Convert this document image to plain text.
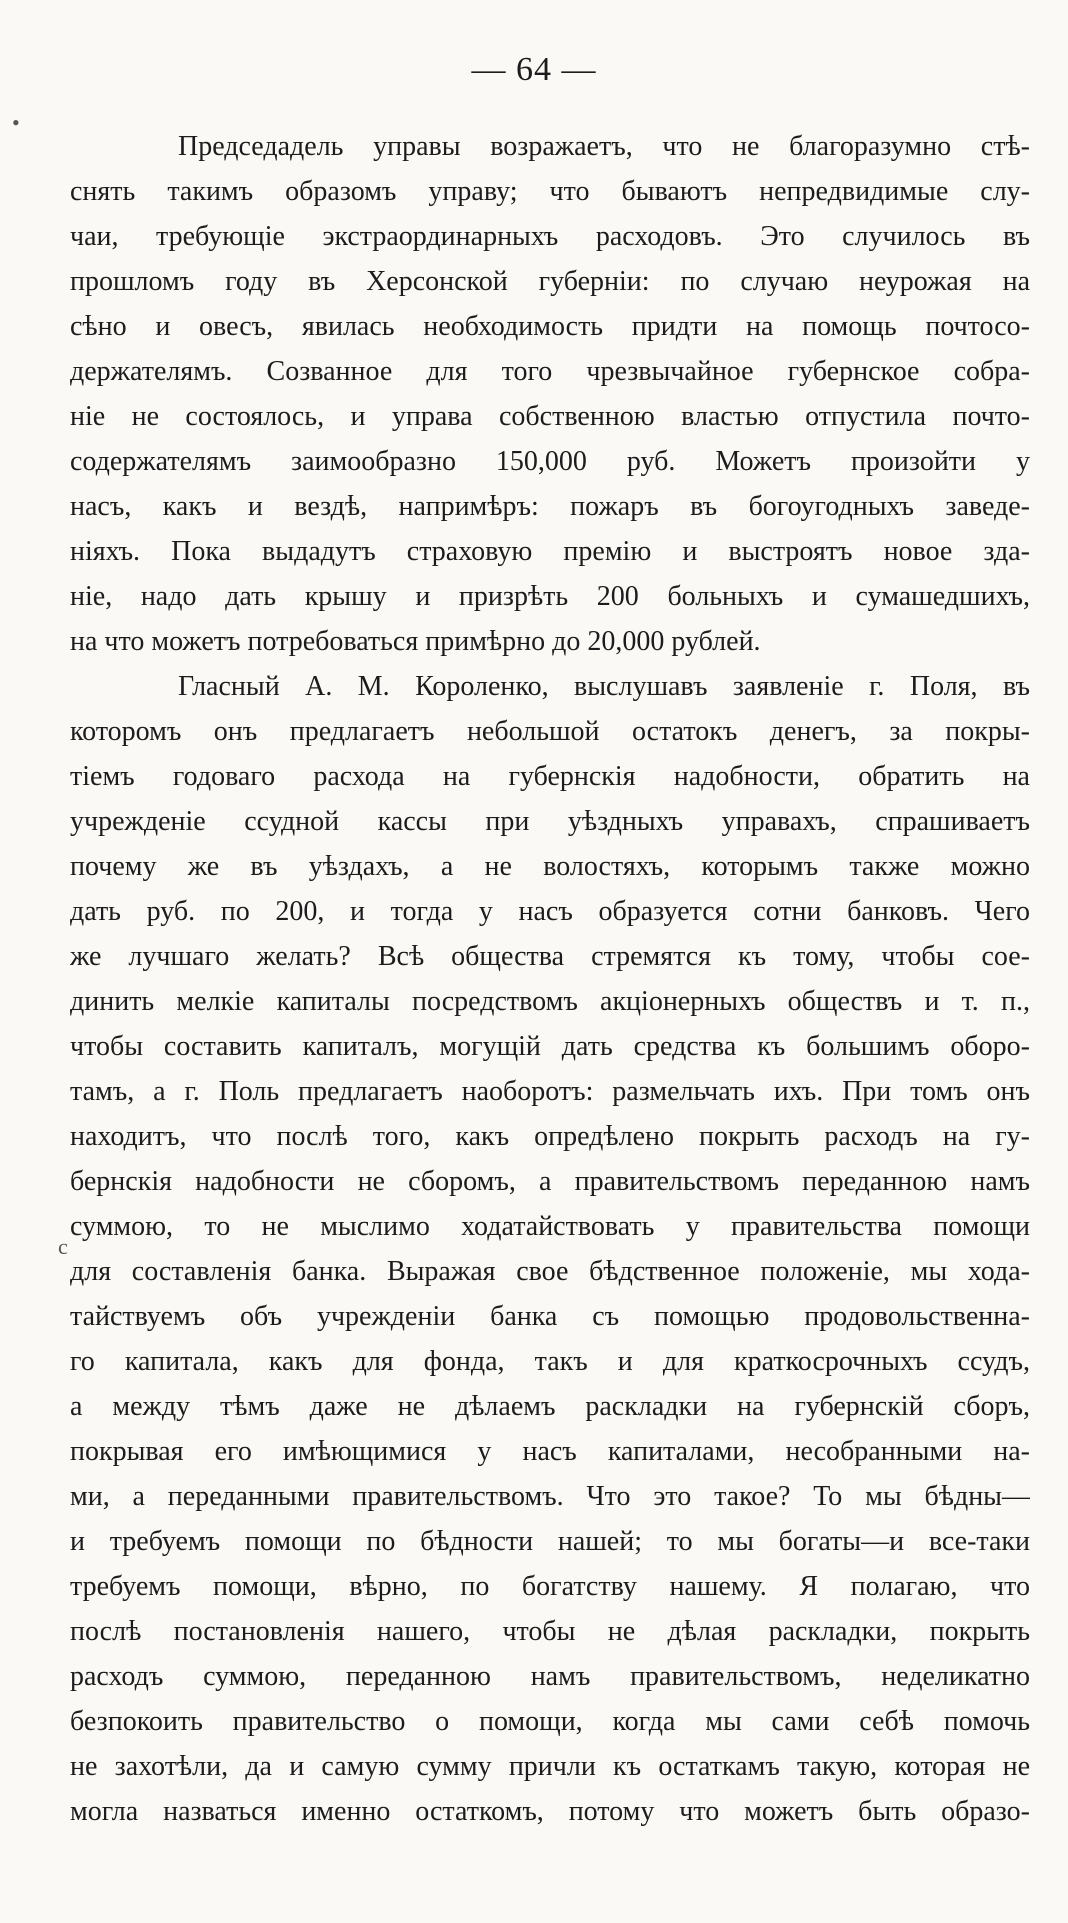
•
с
— 64 —
Председадель управы возражаетъ, что не благоразумно стѣ-
снять такимъ образомъ управу; что бываютъ непредвидимые слу-
чаи, требующіе экстраординарныхъ расходовъ. Это случилось въ
прошломъ году въ Херсонской губерніи: по случаю неурожая на
сѣно и овесъ, явилась необходимость придти на помощь почтосо-
держателямъ. Созванное для того чрезвычайное губернское собра-
ніе не состоялось, и управа собственною властью отпустила почто-
содержателямъ заимообразно 150,000 руб. Можетъ произойти у
насъ, какъ и вездѣ, напримѣръ: пожаръ въ богоугодныхъ заведе-
ніяхъ. Пока выдадутъ страховую премію и выстроятъ новое зда-
ніе, надо дать крышу и призрѣть 200 больныхъ и сумашедшихъ,
на что можетъ потребоваться примѣрно до 20,000 рублей.
Гласный А. М. Короленко, выслушавъ заявленіе г. Поля, въ
которомъ онъ предлагаетъ небольшой остатокъ денегъ, за покры-
тіемъ годоваго расхода на губернскія надобности, обратить на
учрежденіе ссудной кассы при уѣздныхъ управахъ, спрашиваетъ
почему же въ уѣздахъ, а не волостяхъ, которымъ также можно
дать руб. по 200, и тогда у насъ образуется сотни банковъ. Чего
же лучшаго желать? Всѣ общества стремятся къ тому, чтобы сое-
динить мелкіе капиталы посредствомъ акціонерныхъ обществъ и т. п.,
чтобы составить капиталъ, могущій дать средства къ большимъ оборо-
тамъ, а г. Поль предлагаетъ наоборотъ: размельчать ихъ. При томъ онъ
находитъ, что послѣ того, какъ опредѣлено покрыть расходъ на гу-
бернскія надобности не сборомъ, а правительствомъ переданною намъ
суммою, то не мыслимо ходатайствовать у правительства помощи
для составленія банка. Выражая свое бѣдственное положеніе, мы хода-
тайствуемъ объ учрежденіи банка съ помощью продовольственна-
го капитала, какъ для фонда, такъ и для краткосрочныхъ ссудъ,
а между тѣмъ даже не дѣлаемъ раскладки на губернскій сборъ,
покрывая его имѣющимися у насъ капиталами, несобранными на-
ми, а переданными правительствомъ. Что это такое? То мы бѣдны—
и требуемъ помощи по бѣдности нашей; то мы богаты—и все-таки
требуемъ помощи, вѣрно, по богатству нашему. Я полагаю, что
послѣ постановленія нашего, чтобы не дѣлая раскладки, покрыть
расходъ суммою, переданною намъ правительствомъ, неделикатно
безпокоить правительство о помощи, когда мы сами себѣ помочь
не захотѣли, да и самую сумму причли къ остаткамъ такую, которая не
могла назваться именно остаткомъ, потому что можетъ быть образо-
